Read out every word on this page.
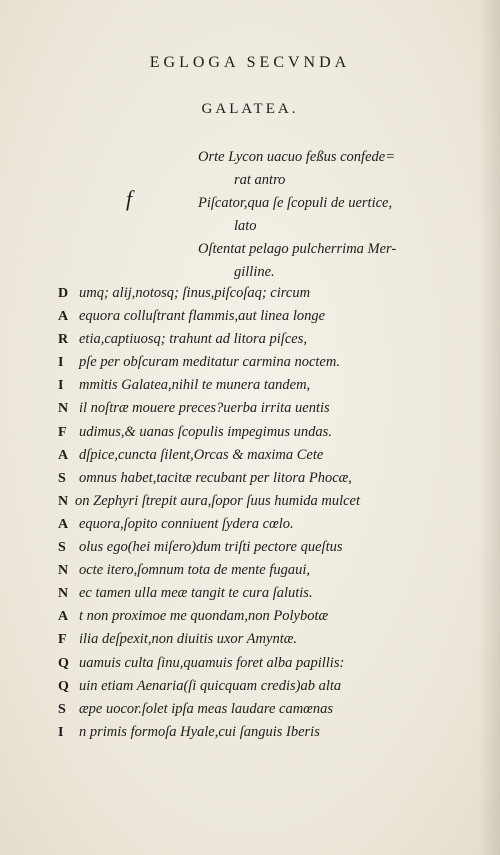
EGLOGA SECVNDA
GALATEA.
f
Orte Lycon uacuo feßus confede=
rat antro
Piſcator,qua ſe ſcopuli de uertice,
lato
Oſtentat pelago pulcherrima Mer-
gilline.
D umq; alij,notosq; ſinus,piſcoſaq; circum
A equora colluſtrant flammis,aut linea longe
R etia,captiuosq; trahunt ad litora piſces,
I	pſe per obſcuram meditatur carmina noctem.
I	mmitis Galatea,nihil te munera tandem,
N il noſtræ mouere preces?uerba irrita uentis
F udimus,& uanas ſcopulis impegimus undas.
A dſpice,cuncta ſilent,Orcas & maxima Cete
S omnus habet,tacitæ recubant per litora Phocæ,
N on Zephyri ſtrepit aura,ſopor ſuus humida mulcet
A equora,ſopito conniuent ſydera cœlo.
S olus ego(hei miſero)dum triſti pectore queſtus
N octe itero,ſomnum tota de mente fugaui,
N ec tamen ulla meæ tangit te cura ſalutis.
A t non proximoe me quondam,non Polybotæ
F ilia deſpexit,non diuitis uxor Amyntæ.
Q uamuis culta ſinu,quamuis foret alba papillis:
Q uin etiam Aenaria(ſi quicquam credis)ab alta
S æpe uocor.ſolet ipſa meas laudare camœnas
I	n primis formoſa Hyale,cui ſanguis Iberis
